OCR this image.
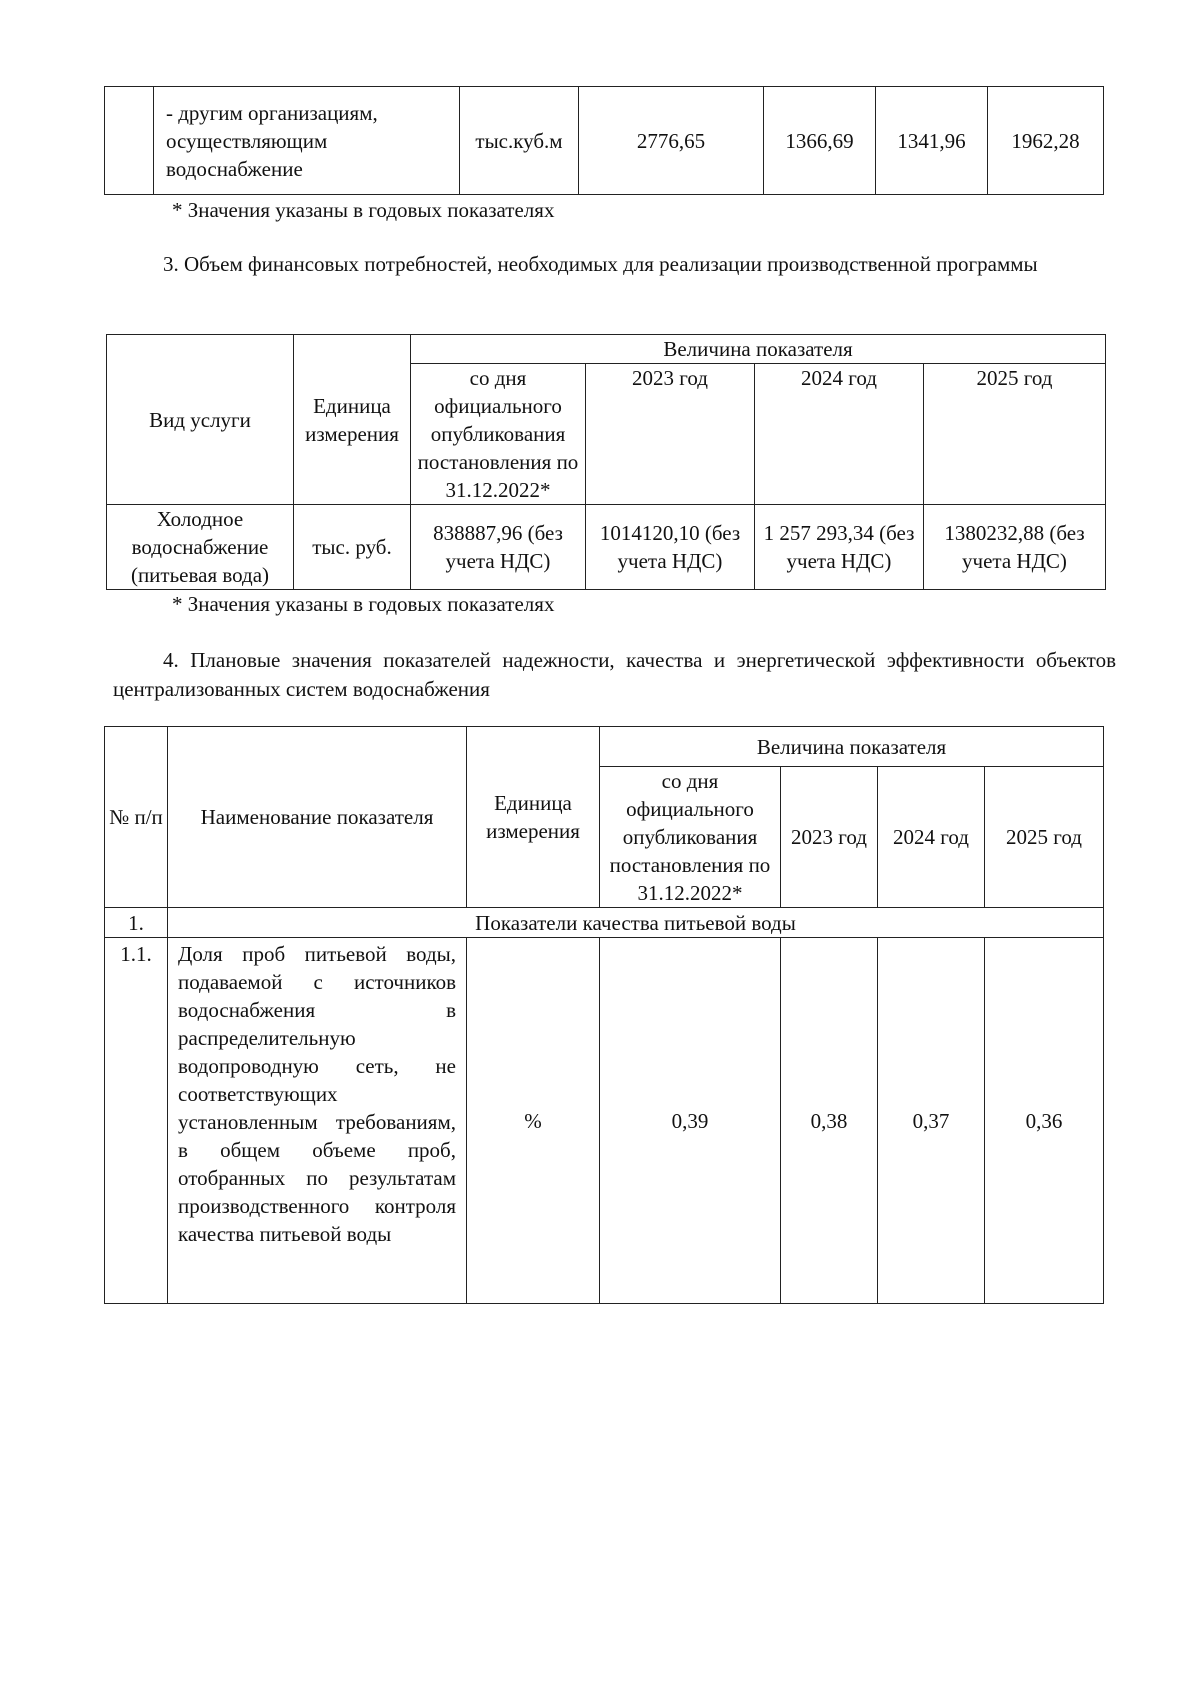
	- другим организациям, осуществляющим водоснабжение	тыс.куб.м	2776,65	1366,69	1341,96	1962,28
* Значения указаны в годовых показателях
3. Объем финансовых потребностей, необходимых для реализации производственной программы
Вид услуги	Единица измерения	Величина показателя			
		со дня официального опубликования постановления по 31.12.2022*	2023 год	2024 год	2025 год
Холодное водоснабжение (питьевая вода)	тыс. руб.	838887,96 (без учета НДС)	1014120,10 (без учета НДС)	1 257 293,34 (без учета НДС)	1380232,88 (без учета НДС)
* Значения указаны в годовых показателях
4. Плановые значения показателей надежности, качества и энергетической эффективности объектов централизованных систем водоснабжения
№ п/п	Наименование показателя	Единица измерения	Величина показателя			
			со дня официального опубликования постановления по 31.12.2022*	2023 год	2024 год	2025 год
1.	Показатели качества питьевой воды					
1.1.	Доля проб питьевой воды, подаваемой с источников водоснабжения в распределительную водопроводную сеть, не соответствующих установленным требованиям, в общем объеме проб, отобранных по результатам производственного контроля качества питьевой воды	%	0,39	0,38	0,37	0,36
